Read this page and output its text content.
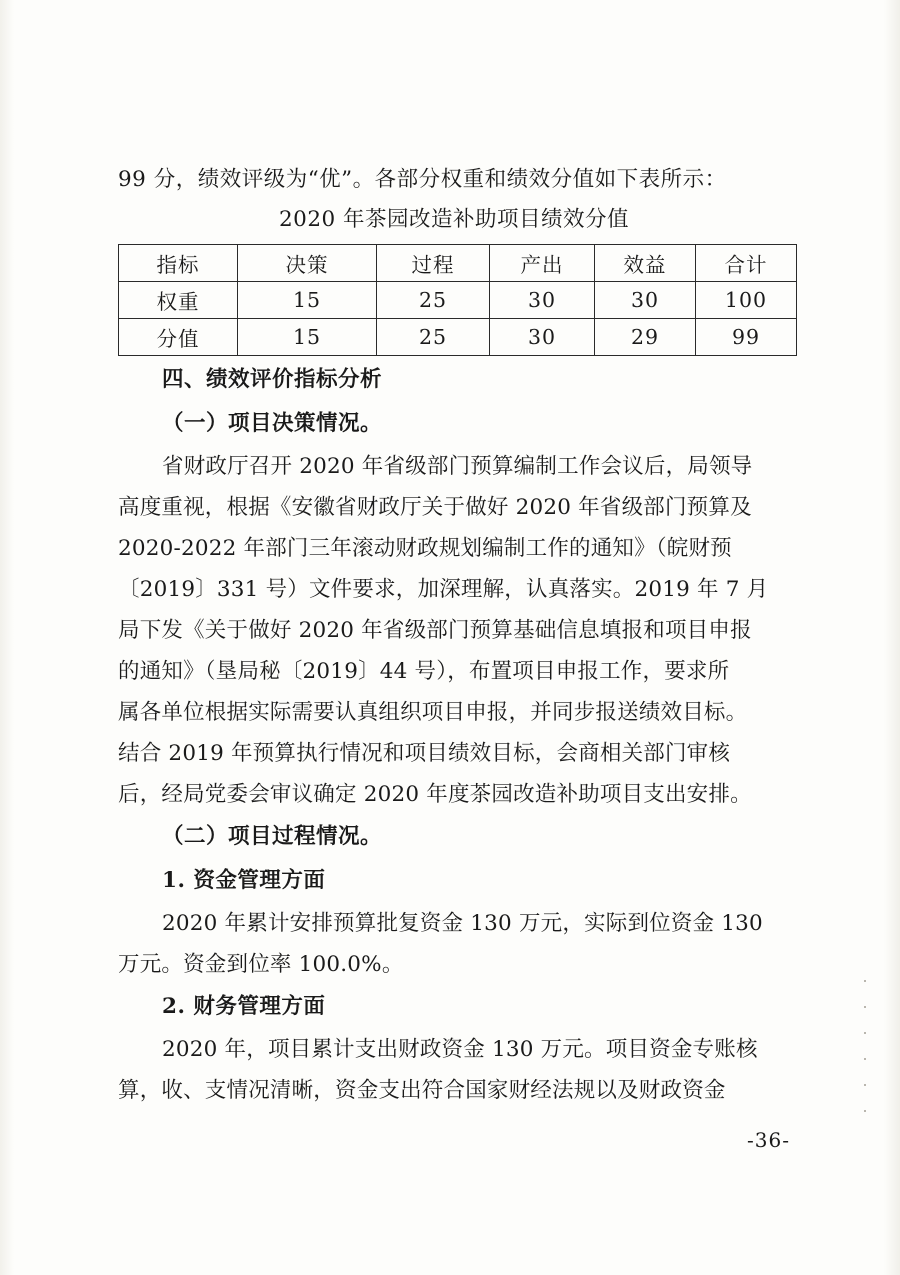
99 分，绩效评级为“优”。各部分权重和绩效分值如下表所示：
2020 年茶园改造补助项目绩效分值
指标	决策	过程	产出	效益	合计
权重	15	25	30	30	100
分值	15	25	30	29	99
四、绩效评价指标分析
（一）项目决策情况。
省财政厅召开 2020 年省级部门预算编制工作会议后，局领导
高度重视，根据《安徽省财政厅关于做好 2020 年省级部门预算及
2020-2022 年部门三年滚动财政规划编制工作的通知》（皖财预
〔2019〕331 号）文件要求，加深理解，认真落实。2019 年 7 月
局下发《关于做好 2020 年省级部门预算基础信息填报和项目申报
的通知》（垦局秘〔2019〕44 号），布置项目申报工作，要求所
属各单位根据实际需要认真组织项目申报，并同步报送绩效目标。
结合 2019 年预算执行情况和项目绩效目标，会商相关部门审核
后，经局党委会审议确定 2020 年度茶园改造补助项目支出安排。
（二）项目过程情况。
1. 资金管理方面
2020 年累计安排预算批复资金 130 万元，实际到位资金 130
万元。资金到位率 100.0%。
2. 财务管理方面
2020 年，项目累计支出财政资金 130 万元。项目资金专账核
算，收、支情况清晰，资金支出符合国家财经法规以及财政资金
-36-
